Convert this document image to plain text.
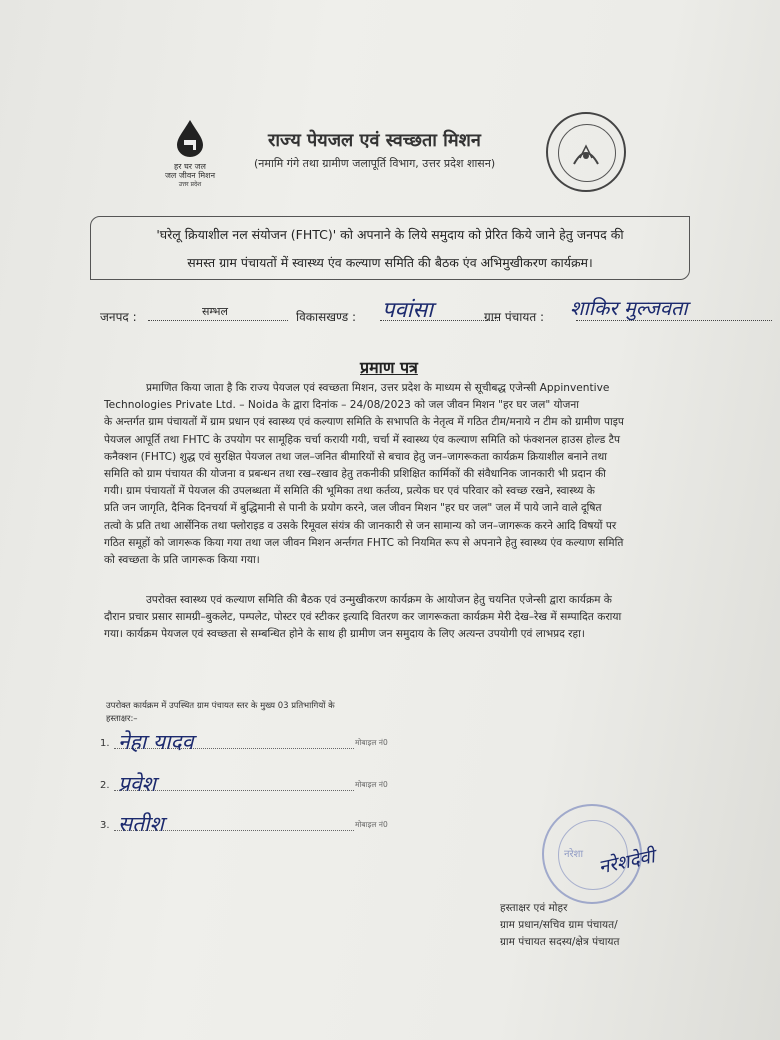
हर घर जल
जल जीवन मिशन
उत्तर प्रदेश
राज्य पेयजल एवं स्वच्छता मिशन
(नमामि गंगे तथा ग्रामीण जलापूर्ति विभाग, उत्तर प्रदेश शासन)
'घरेलू क्रियाशील नल संयोजन (FHTC)' को अपनाने के लिये समुदाय को प्रेरित किये जाने हेतु जनपद की
समस्त ग्राम पंचायतों में स्वास्थ्य एंव कल्याण समिति की बैठक एंव अभिमुखीकरण कार्यक्रम।
जनपद :	सम्भल	विकासखण्ड : पवांसा	ग्राम पंचायत : शाकिर मुल्जवता
प्रमाण पत्र
प्रमाणित किया जाता है कि राज्य पेयजल एवं स्वच्छता मिशन, उत्तर प्रदेश के माध्यम से सूचीबद्ध एजेन्सी Appinventive
Technologies Private Ltd. – Noida के द्वारा दिनांक – 24/08/2023 को जल जीवन मिशन "हर घर जल" योजना
के अन्तर्गत ग्राम पंचायतों में ग्राम प्रधान एवं स्वास्थ्य एवं कल्याण समिति के सभापति के नेतृत्व में गठित टीम/मनाये न टीम को ग्रामीण पाइप
पेयजल आपूर्ति तथा FHTC के उपयोग पर सामूहिक चर्चा करायी गयी, चर्चा में स्वास्थ्य एंव कल्याण समिति को फंक्शनल हाउस होल्ड टैप
कनैक्शन (FHTC) शुद्ध एवं सुरक्षित पेयजल तथा जल–जनित बीमारियों से बचाव हेतु जन–जागरूकता कार्यक्रम क्रियाशील बनाने तथा
समिति को ग्राम पंचायत की योजना व प्रबन्धन तथा रख–रखाव हेतु तकनीकी प्रशिक्षित कार्मिकों की संवैधानिक जानकारी भी प्रदान की
गयी। ग्राम पंचायतों में पेयजल की उपलब्धता में समिति की भूमिका तथा कर्तव्य, प्रत्येक घर एवं परिवार को स्वच्छ रखने, स्वास्थ्य के
प्रति जन जागृति, दैनिक दिनचर्या में बुद्धिमानी से पानी के प्रयोग करने, जल जीवन मिशन "हर घर जल" जल में पाये जाने वाले दूषित
तत्वो के प्रति तथा आर्सेनिक तथा फ्लोराइड व उसके रिमूवल संयंत्र की जानकारी से जन सामान्य को जन–जागरूक करने आदि विषयों पर
गठित समूहों को जागरूक किया गया तथा जल जीवन मिशन अर्न्तगत FHTC को नियमित रूप से अपनाने हेतु स्वास्थ्य एंव कल्याण समिति
को स्वच्छता के प्रति जागरूक किया गया।
उपरोक्त स्वास्थ्य एवं कल्याण समिति की बैठक एवं उन्मुखीकरण कार्यक्रम के आयोजन हेतु चयनित एजेन्सी द्वारा कार्यक्रम के
दौरान प्रचार प्रसार सामग्री–बुकलेट, पम्पलेट, पोस्टर एवं स्टीकर इत्यादि वितरण कर जागरूकता कार्यक्रम मेरी देख–रेख में सम्पादित कराया
गया। कार्यक्रम पेयजल एवं स्वच्छता से सम्बन्धित होने के साथ ही ग्रामीण जन समुदाय के लिए अत्यन्त उपयोगी एवं लाभप्रद रहा।
उपरोक्त कार्यक्रम में उपस्थित ग्राम पंचायत स्तर के मुख्य 03 प्रतिभागियों के
हस्ताक्षर:–
1. नेहा यादव	मोबाइल नं0
2. प्रवेश	मोबाइल नं0
3. सतीश	मोबाइल नं0
नरेशा नरेशदेवी
हस्ताक्षर एवं मोहर
ग्राम प्रधान/सचिव ग्राम पंचायत/
ग्राम पंचायत सदस्य/क्षेत्र पंचायत
